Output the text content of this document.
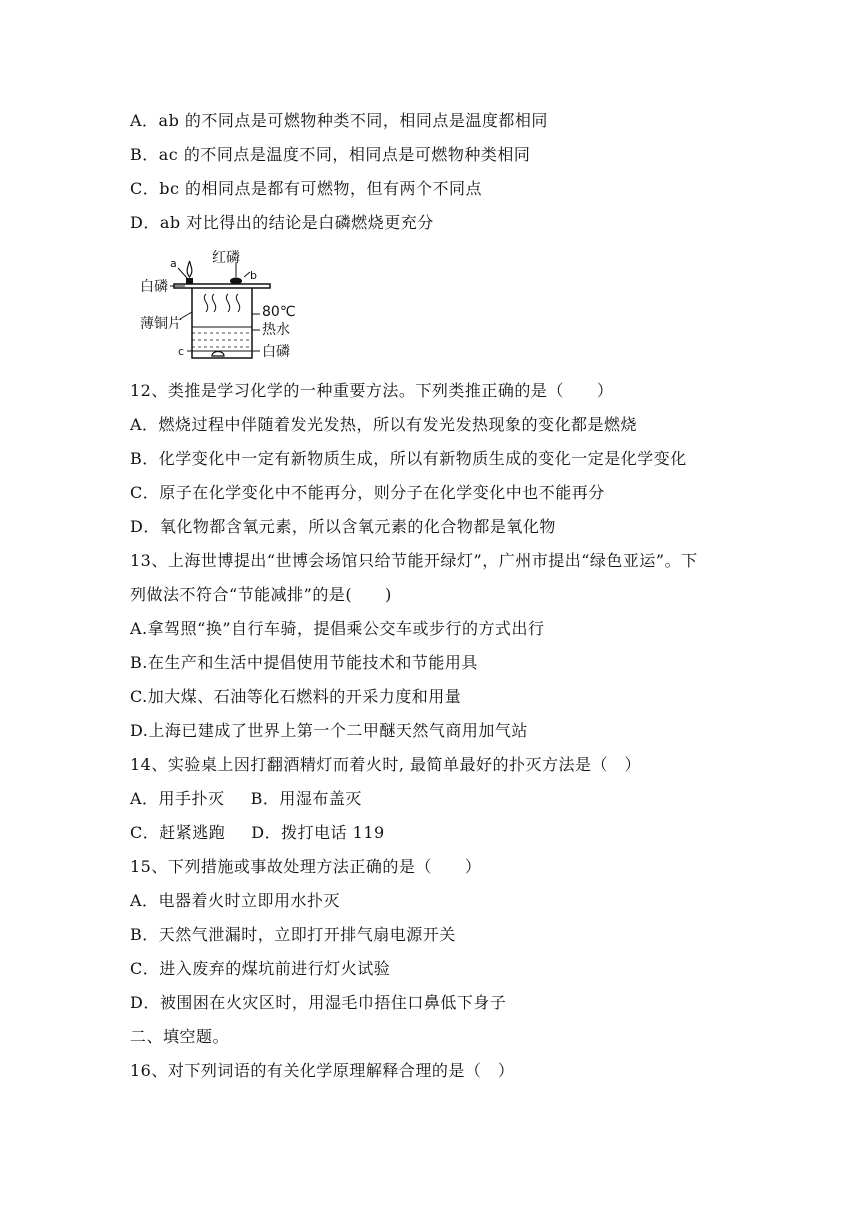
A．ab 的不同点是可燃物种类不同，相同点是温度都相同
B．ac 的不同点是温度不同，相同点是可燃物种类相同
C．bc 的相同点是都有可燃物，但有两个不同点
D．ab 对比得出的结论是白磷燃烧更充分
a	红磷
b
白磷
薄铜片
80℃
热水
c	白磷
12、类推是学习化学的一种重要方法。下列类推正确的是（　　）
A．燃烧过程中伴随着发光发热，所以有发光发热现象的变化都是燃烧
B．化学变化中一定有新物质生成，所以有新物质生成的变化一定是化学变化
C．原子在化学变化中不能再分，则分子在化学变化中也不能再分
D．氧化物都含氧元素，所以含氧元素的化合物都是氧化物
13、上海世博提出“世博会场馆只给节能开绿灯”，广州市提出“绿色亚运”。下
列做法不符合“节能减排”的是(　　)
A.拿驾照“换”自行车骑，提倡乘公交车或步行的方式出行
B.在生产和生活中提倡使用节能技术和节能用具
C.加大煤、石油等化石燃料的开采力度和用量
D.上海已建成了世界上第一个二甲醚天然气商用加气站
14、实验桌上因打翻酒精灯而着火时, 最简单最好的扑灭方法是（　）
A．用手扑灭 B．用湿布盖灭
C．赶紧逃跑 D．拨打电话 119
15、下列措施或事故处理方法正确的是（　　）
A．电器着火时立即用水扑灭
B．天然气泄漏时，立即打开排气扇电源开关
C．进入废弃的煤坑前进行灯火试验
D．被围困在火灾区时，用湿毛巾捂住口鼻低下身子
二、填空题。
16、对下列词语的有关化学原理解释合理的是（　）
